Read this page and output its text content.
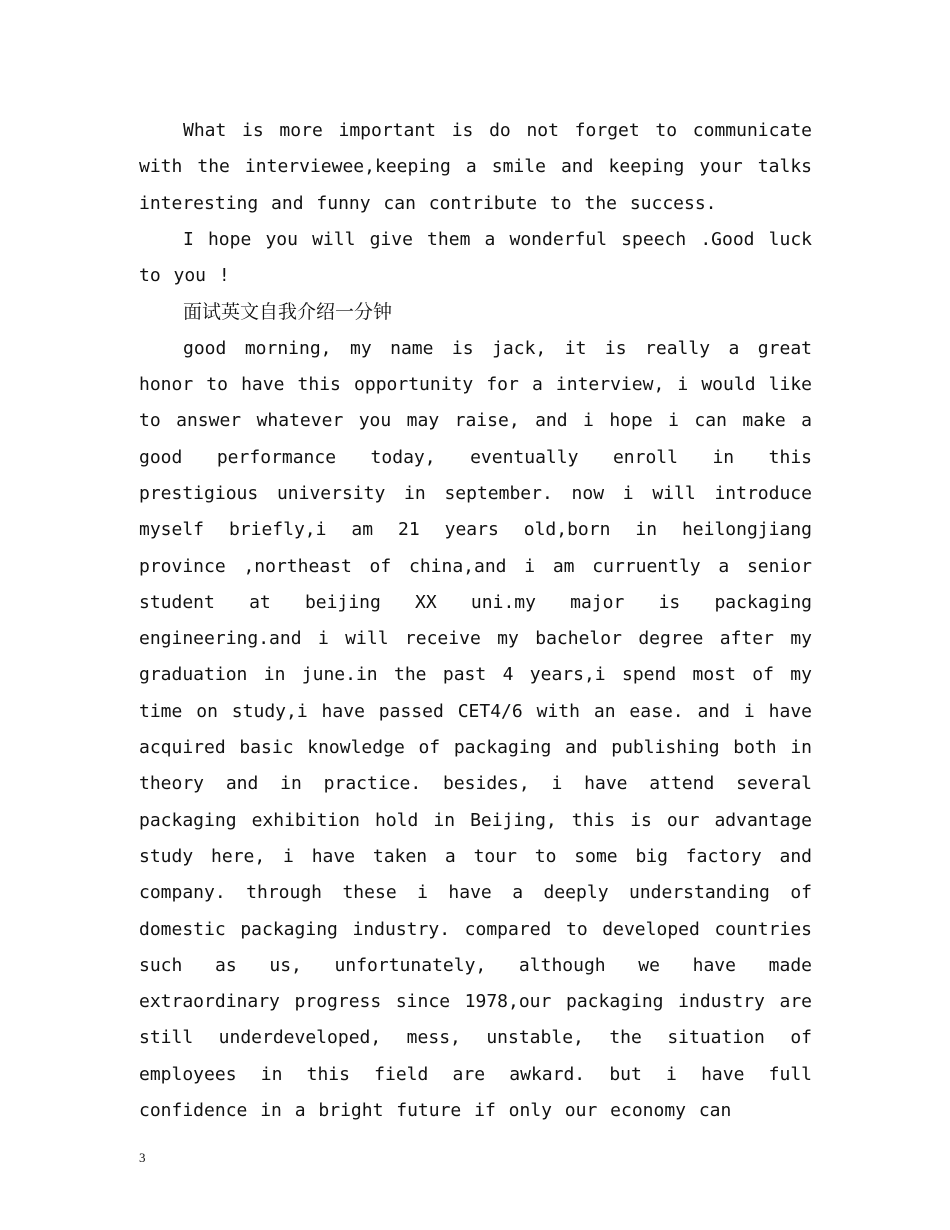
What is more important is do not forget to communicate with the interviewee,keeping a smile and keeping your talks interesting and funny can contribute to the success.

I hope you will give them a wonderful speech .Good luck to you !

面试英文自我介绍一分钟

good morning, my name is jack, it is really a great honor to have this opportunity for a interview, i would like to answer whatever you may raise, and i hope i can make a good performance today, eventually enroll in this prestigious university in september. now i will introduce myself briefly,i am 21 years old,born in heilongjiang province ,northeast of china,and i am curruently a senior student at beijing XX uni.my major is packaging engineering.and i will receive my bachelor degree after my graduation in june.in the past 4 years,i spend most of my time on study,i have passed CET4/6 with an ease. and i have acquired basic knowledge of packaging and publishing both in theory and in practice. besides, i have attend several packaging exhibition hold in Beijing, this is our advantage study here, i have taken a tour to some big factory and company. through these i have a deeply understanding of domestic packaging industry. compared to developed countries such as us, unfortunately, although we have made extraordinary progress since 1978,our packaging industry are still underdeveloped, mess, unstable, the situation of employees in this field are awkard. but i have full confidence in a bright future if only our economy can

3
